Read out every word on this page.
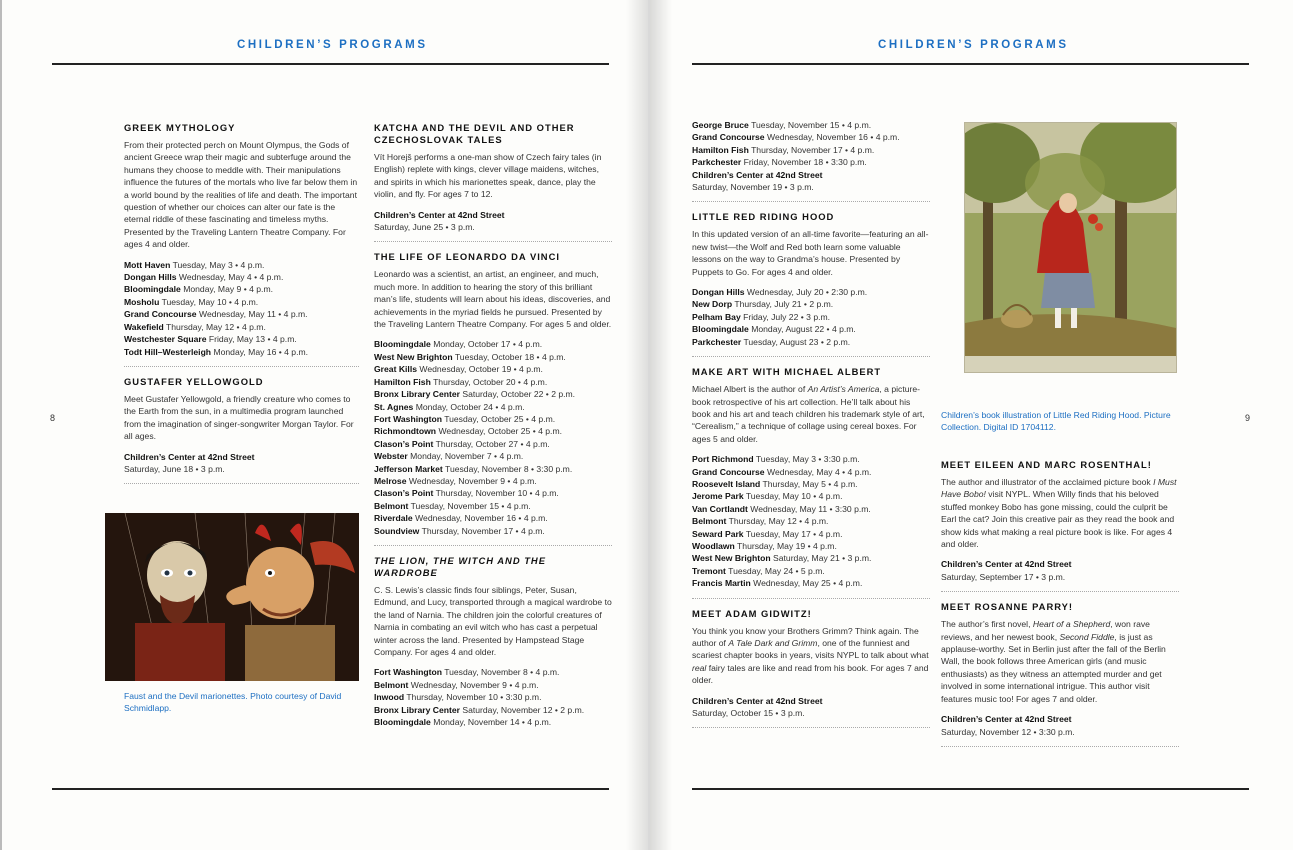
CHILDREN’S PROGRAMS
8
GREEK MYTHOLOGY
From their protected perch on Mount Olympus, the Gods of ancient Greece wrap their magic and subterfuge around the humans they choose to meddle with. Their manipulations influence the futures of the mortals who live far below them in a world bound by the realities of life and death. The important question of whether our choices can alter our fate is the eternal riddle of these fascinating and timeless myths. Presented by the Traveling Lantern Theatre Company. For ages 4 and older.
Mott Haven Tuesday, May 3 • 4 p.m.
Dongan Hills Wednesday, May 4 • 4 p.m.
Bloomingdale Monday, May 9 • 4 p.m.
Mosholu Tuesday, May 10 • 4 p.m.
Grand Concourse Wednesday, May 11 • 4 p.m.
Wakefield Thursday, May 12 • 4 p.m.
Westchester Square Friday, May 13 • 4 p.m.
Todt Hill–Westerleigh Monday, May 16 • 4 p.m.
GUSTAFER YELLOWGOLD
Meet Gustafer Yellowgold, a friendly creature who comes to the Earth from the sun, in a multimedia program launched from the imagination of singer-songwriter Morgan Taylor. For all ages.
Children’s Center at 42nd Street
Saturday, June 18 • 3 p.m.
Faust and the Devil marionettes. Photo courtesy of David Schmidlapp.
KATCHA AND THE DEVIL AND OTHER CZECHOSLOVAK TALES
Vít Horejš performs a one-man show of Czech fairy tales (in English) replete with kings, clever village maidens, witches, and spirits in which his marionettes speak, dance, play the violin, and fly. For ages 7 to 12.
Children’s Center at 42nd Street
Saturday, June 25 • 3 p.m.
THE LIFE OF LEONARDO DA VINCI
Leonardo was a scientist, an artist, an engineer, and much, much more. In addition to hearing the story of this brilliant man’s life, students will learn about his ideas, discoveries, and achievements in the myriad fields he pursued. Presented by the Traveling Lantern Theatre Company. For ages 5 and older.
Bloomingdale Monday, October 17 • 4 p.m.
West New Brighton Tuesday, October 18 • 4 p.m.
Great Kills Wednesday, October 19 • 4 p.m.
Hamilton Fish Thursday, October 20 • 4 p.m.
Bronx Library Center Saturday, October 22 • 2 p.m.
St. Agnes Monday, October 24 • 4 p.m.
Fort Washington Tuesday, October 25 • 4 p.m.
Richmondtown Wednesday, October 25 • 4 p.m.
Clason’s Point Thursday, October 27 • 4 p.m.
Webster Monday, November 7 • 4 p.m.
Jefferson Market Tuesday, November 8 • 3:30 p.m.
Melrose Wednesday, November 9 • 4 p.m.
Clason’s Point Thursday, November 10 • 4 p.m.
Belmont Tuesday, November 15 • 4 p.m.
Riverdale Wednesday, November 16 • 4 p.m.
Soundview Thursday, November 17 • 4 p.m.
THE LION, THE WITCH AND THE WARDROBE
C. S. Lewis’s classic finds four siblings, Peter, Susan, Edmund, and Lucy, transported through a magical wardrobe to the land of Narnia. The children join the colorful creatures of Narnia in combating an evil witch who has cast a perpetual winter across the land. Presented by Hampstead Stage Company. For ages 4 and older.
Fort Washington Tuesday, November 8 • 4 p.m.
Belmont Wednesday, November 9 • 4 p.m.
Inwood Thursday, November 10 • 3:30 p.m.
Bronx Library Center Saturday, November 12 • 2 p.m.
Bloomingdale Monday, November 14 • 4 p.m.
CHILDREN’S PROGRAMS
9
George Bruce Tuesday, November 15 • 4 p.m.
Grand Concourse Wednesday, November 16 • 4 p.m.
Hamilton Fish Thursday, November 17 • 4 p.m.
Parkchester Friday, November 18 • 3:30 p.m.
Children’s Center at 42nd Street
Saturday, November 19 • 3 p.m.
LITTLE RED RIDING HOOD
In this updated version of an all-time favorite—featuring an all-new twist—the Wolf and Red both learn some valuable lessons on the way to Grandma’s house. Presented by Puppets to Go. For ages 4 and older.
Dongan Hills Wednesday, July 20 • 2:30 p.m.
New Dorp Thursday, July 21 • 2 p.m.
Pelham Bay Friday, July 22 • 3 p.m.
Bloomingdale Monday, August 22 • 4 p.m.
Parkchester Tuesday, August 23 • 2 p.m.
MAKE ART WITH MICHAEL ALBERT
Michael Albert is the author of An Artist’s America, a picture-book retrospective of his art collection. He’ll talk about his book and his art and teach children his trademark style of art, “Cerealism,” a technique of collage using cereal boxes. For ages 5 and older.
Port Richmond Tuesday, May 3 • 3:30 p.m.
Grand Concourse Wednesday, May 4 • 4 p.m.
Roosevelt Island Thursday, May 5 • 4 p.m.
Jerome Park Tuesday, May 10 • 4 p.m.
Van Cortlandt Wednesday, May 11 • 3:30 p.m.
Belmont Thursday, May 12 • 4 p.m.
Seward Park Tuesday, May 17 • 4 p.m.
Woodlawn Thursday, May 19 • 4 p.m.
West New Brighton Saturday, May 21 • 3 p.m.
Tremont Tuesday, May 24 • 5 p.m.
Francis Martin Wednesday, May 25 • 4 p.m.
MEET ADAM GIDWITZ!
You think you know your Brothers Grimm? Think again. The author of A Tale Dark and Grimm, one of the funniest and scariest chapter books in years, visits NYPL to talk about what real fairy tales are like and read from his book. For ages 7 and older.
Children’s Center at 42nd Street
Saturday, October 15 • 3 p.m.
Children’s book illustration of Little Red Riding Hood. Picture Collection. Digital ID 1704112.
MEET EILEEN AND MARC ROSENTHAL!
The author and illustrator of the acclaimed picture book I Must Have Bobo! visit NYPL. When Willy finds that his beloved stuffed monkey Bobo has gone missing, could the culprit be Earl the cat? Join this creative pair as they read the book and show kids what making a real picture book is like. For ages 4 and older.
Children’s Center at 42nd Street
Saturday, September 17 • 3 p.m.
MEET ROSANNE PARRY!
The author’s first novel, Heart of a Shepherd, won rave reviews, and her newest book, Second Fiddle, is just as applause-worthy. Set in Berlin just after the fall of the Berlin Wall, the book follows three American girls (and music enthusiasts) as they witness an attempted murder and get involved in some international intrigue. This author visit features music too! For ages 7 and older.
Children’s Center at 42nd Street
Saturday, November 12 • 3:30 p.m.
